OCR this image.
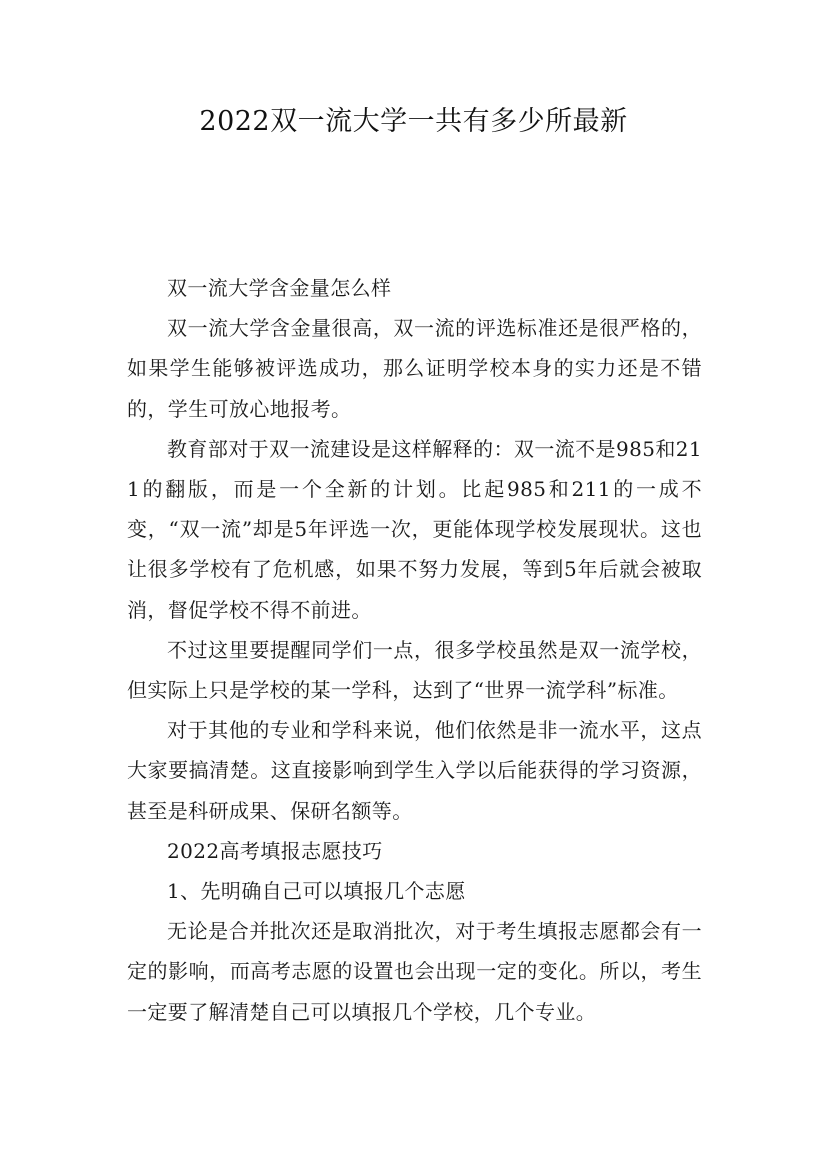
2022双一流大学一共有多少所最新

双一流大学含金量怎么样

双一流大学含金量很高，双一流的评选标准还是很严格的，如果学生能够被评选成功，那么证明学校本身的实力还是不错的，学生可放心地报考。

教育部对于双一流建设是这样解释的：双一流不是985和211的翻版，而是一个全新的计划。比起985和211的一成不变，“双一流”却是5年评选一次，更能体现学校发展现状。这也让很多学校有了危机感，如果不努力发展，等到5年后就会被取消，督促学校不得不前进。

不过这里要提醒同学们一点，很多学校虽然是双一流学校，但实际上只是学校的某一学科，达到了“世界一流学科”标准。

对于其他的专业和学科来说，他们依然是非一流水平，这点大家要搞清楚。这直接影响到学生入学以后能获得的学习资源，甚至是科研成果、保研名额等。

2022高考填报志愿技巧

1、先明确自己可以填报几个志愿

无论是合并批次还是取消批次，对于考生填报志愿都会有一定的影响，而高考志愿的设置也会出现一定的变化。所以，考生一定要了解清楚自己可以填报几个学校，几个专业。
